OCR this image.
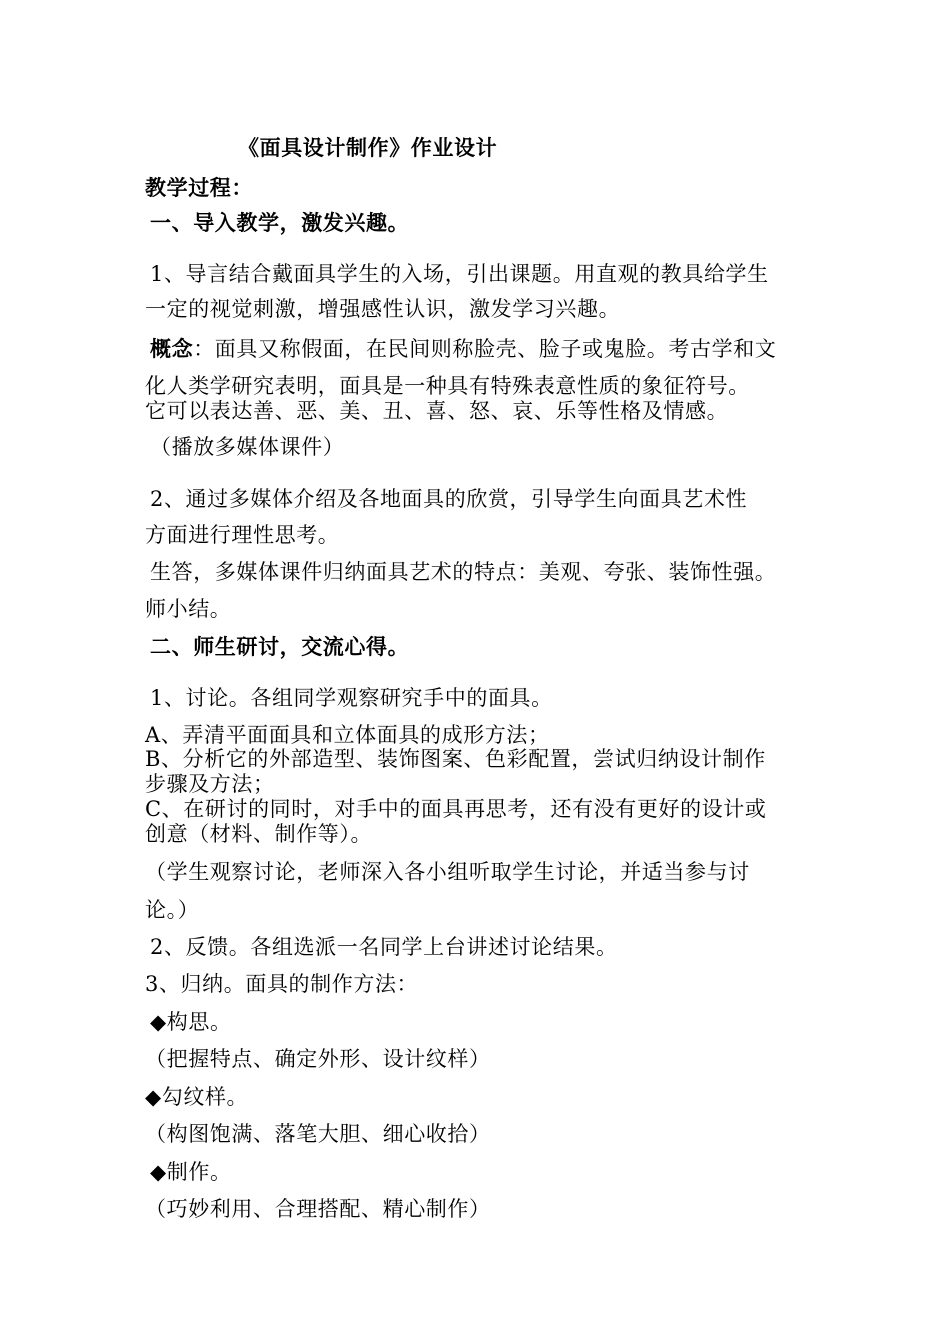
《面具设计制作》作业设计
教学过程：
一、导入教学，激发兴趣。
1、导言结合戴面具学生的入场，引出课题。用直观的教具给学生
一定的视觉刺激，增强感性认识，激发学习兴趣。
概念：面具又称假面，在民间则称脸壳、脸子或鬼脸。考古学和文
化人类学研究表明，面具是一种具有特殊表意性质的象征符号。
它可以表达善、恶、美、丑、喜、怒、哀、乐等性格及情感。
（播放多媒体课件）
2、通过多媒体介绍及各地面具的欣赏，引导学生向面具艺术性
方面进行理性思考。
生答，多媒体课件归纳面具艺术的特点：美观、夸张、装饰性强。
师小结。
二、师生研讨，交流心得。
1、讨论。各组同学观察研究手中的面具。
A、弄清平面面具和立体面具的成形方法；
B、分析它的外部造型、装饰图案、色彩配置，尝试归纳设计制作
步骤及方法；
C、在研讨的同时，对手中的面具再思考，还有没有更好的设计或
创意（材料、制作等）。
（学生观察讨论，老师深入各小组听取学生讨论，并适当参与讨
论。）
2、反馈。各组选派一名同学上台讲述讨论结果。
3、归纳。面具的制作方法：
◆构思。
（把握特点、确定外形、设计纹样）
◆勾纹样。
（构图饱满、落笔大胆、细心收拾）
◆制作。
（巧妙利用、合理搭配、精心制作）
